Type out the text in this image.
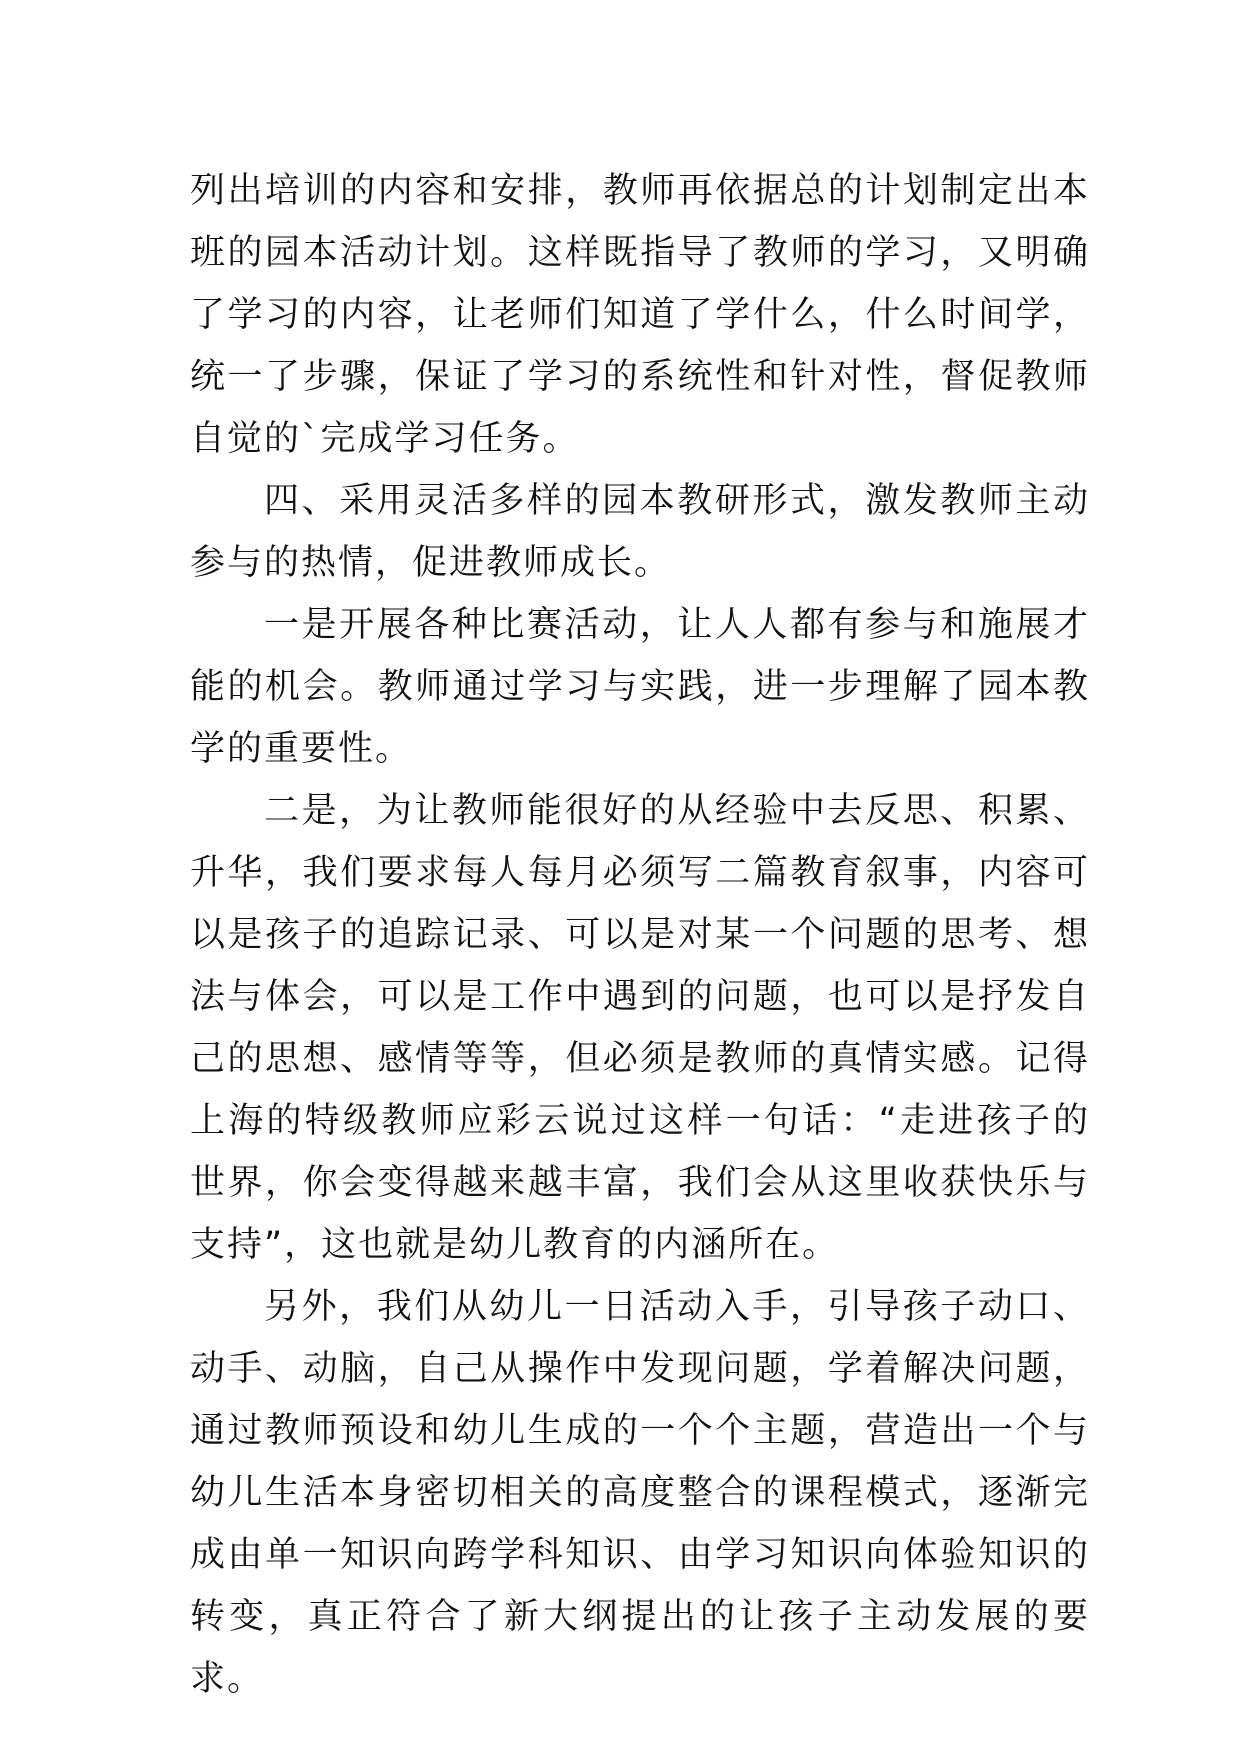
列出培训的内容和安排，教师再依据总的计划制定出本班的园本活动计划。这样既指导了教师的学习，又明确了学习的内容，让老师们知道了学什么，什么时间学，统一了步骤，保证了学习的系统性和针对性，督促教师自觉的`完成学习任务。

四、采用灵活多样的园本教研形式，激发教师主动参与的热情，促进教师成长。

一是开展各种比赛活动，让人人都有参与和施展才能的机会。教师通过学习与实践，进一步理解了园本教学的重要性。

二是，为让教师能很好的从经验中去反思、积累、升华，我们要求每人每月必须写二篇教育叙事，内容可以是孩子的追踪记录、可以是对某一个问题的思考、想法与体会，可以是工作中遇到的问题，也可以是抒发自己的思想、感情等等，但必须是教师的真情实感。记得上海的特级教师应彩云说过这样一句话：“走进孩子的世界，你会变得越来越丰富，我们会从这里收获快乐与支持”，这也就是幼儿教育的内涵所在。

另外，我们从幼儿一日活动入手，引导孩子动口、动手、动脑，自己从操作中发现问题，学着解决问题，通过教师预设和幼儿生成的一个个主题，营造出一个与幼儿生活本身密切相关的高度整合的课程模式，逐渐完成由单一知识向跨学科知识、由学习知识向体验知识的转变，真正符合了新大纲提出的让孩子主动发展的要求。
